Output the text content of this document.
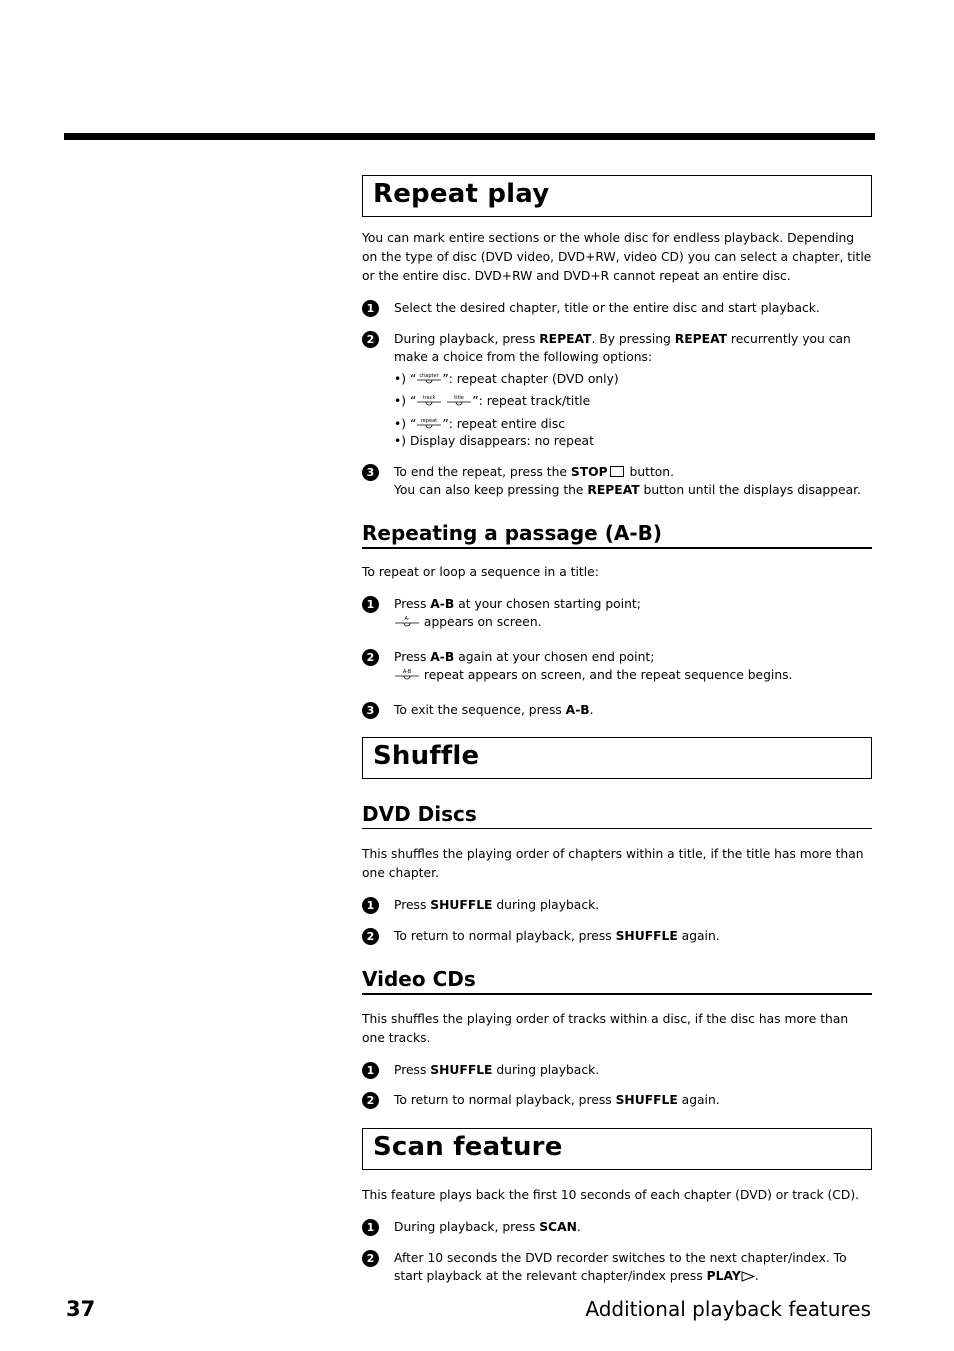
Repeat play
You can mark entire sections or the whole disc for endless playback. Depending on the type of disc (DVD video, DVD+RW, video CD) you can select a chapter, title or the entire disc. DVD+RW and DVD+R cannot repeat an entire disc.
1	Select the desired chapter, title or the entire disc and start playback.
2	During playback, press REPEAT. By pressing REPEAT recurrently you can make a choice from the following options:
•) “ chapter ”: repeat chapter (DVD only)
•) “ track
	title ”: repeat track/title
•) “ repeat ”: repeat entire disc
•) Display disappears: no repeat
3	To end the repeat, press the STOP button.
You can also keep pressing the REPEAT button until the displays disappear.
Repeating a passage (A-B)
To repeat or loop a sequence in a title:
1	Press A-B at your chosen starting point;

A- appears on screen.
2	Press A-B again at your chosen end point;

A-B repeat appears on screen, and the repeat sequence begins.
3	To exit the sequence, press A-B.
Shuffle
DVD Discs
This shuffles the playing order of chapters within a title, if the title has more than one chapter.
1	Press SHUFFLE during playback.
2	To return to normal playback, press SHUFFLE again.
Video CDs
This shuffles the playing order of tracks within a disc, if the disc has more than one tracks.
1	Press SHUFFLE during playback.
2	To return to normal playback, press SHUFFLE again.
Scan feature
This feature plays back the first 10 seconds of each chapter (DVD) or track (CD).
1	During playback, press SCAN.
2	After 10 seconds the DVD recorder switches to the next chapter/index. To start playback at the relevant chapter/index press PLAY .
37	Additional playback features
